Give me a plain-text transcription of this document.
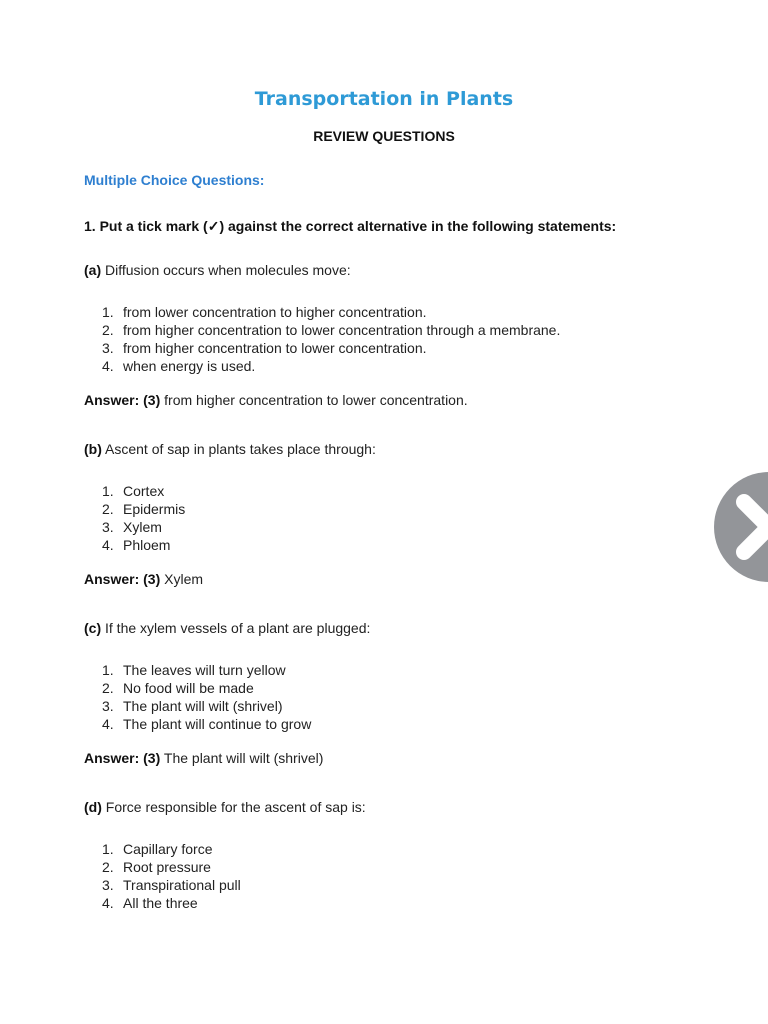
Transportation in Plants
REVIEW QUESTIONS
Multiple Choice Questions:
1. Put a tick mark (✓) against the correct alternative in the following statements:
(a) Diffusion occurs when molecules move:
1. from lower concentration to higher concentration.
2. from higher concentration to lower concentration through a membrane.
3. from higher concentration to lower concentration.
4. when energy is used.
Answer: (3) from higher concentration to lower concentration.
(b) Ascent of sap in plants takes place through:
1. Cortex
2. Epidermis
3. Xylem
4. Phloem
Answer: (3) Xylem
(c) If the xylem vessels of a plant are plugged:
1. The leaves will turn yellow
2. No food will be made
3. The plant will wilt (shrivel)
4. The plant will continue to grow
Answer: (3) The plant will wilt (shrivel)
(d) Force responsible for the ascent of sap is:
1. Capillary force
2. Root pressure
3. Transpirational pull
4. All the three
